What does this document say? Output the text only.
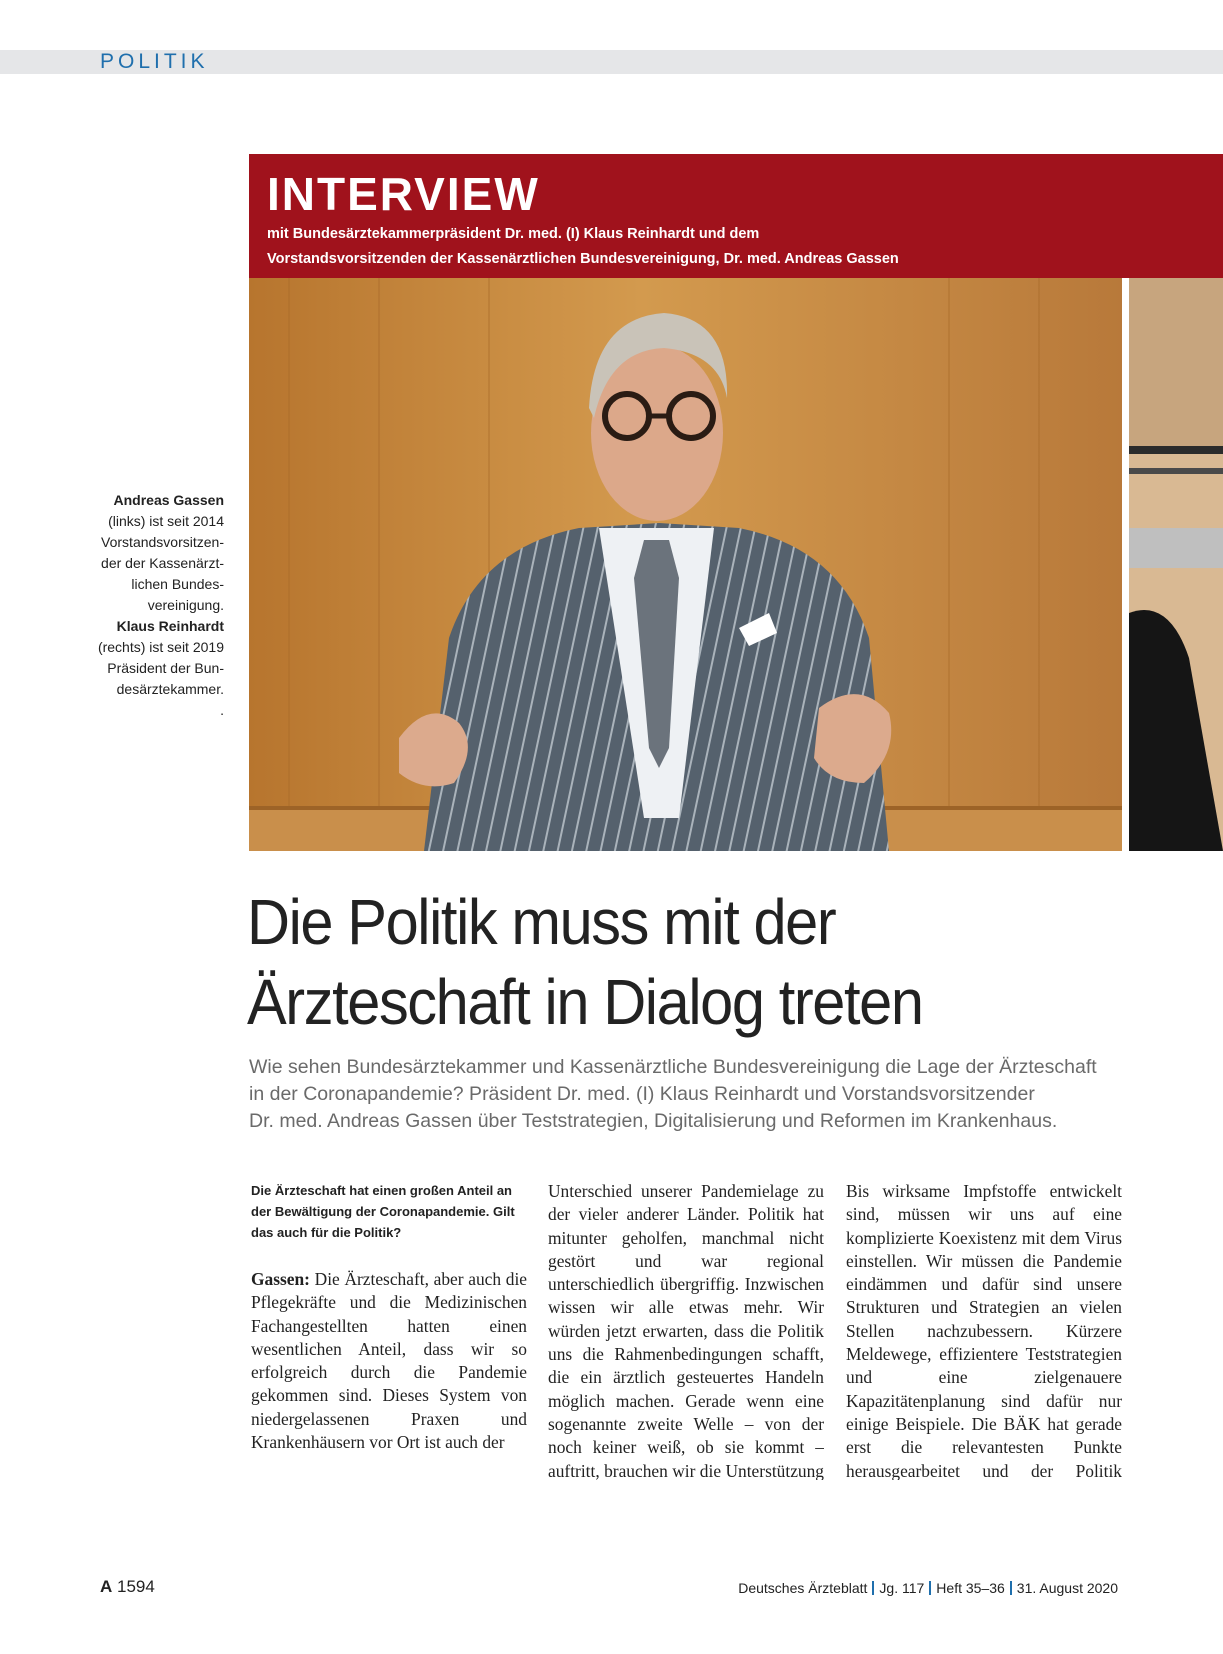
POLITIK
INTERVIEW
mit Bundesärztekammerpräsident Dr. med. (I) Klaus Reinhardt und dem
Vorstandsvorsitzenden der Kassenärztlichen Bundesvereinigung, Dr. med. Andreas Gassen
Andreas Gassen
(links) ist seit 2014
Vorstandsvorsitzen-
der der Kassenärzt-
lichen Bundes-
vereinigung.
Klaus Reinhardt
(rechts) ist seit 2019
Präsident der Bun-
desärztekammer.
.
Die Politik muss mit der
Ärzteschaft in Dialog treten
Wie sehen Bundesärztekammer und Kassenärztliche Bundesvereinigung die Lage der Ärzteschaft
in der Coronapandemie? Präsident Dr. med. (I) Klaus Reinhardt und Vorstandsvorsitzender
Dr. med. Andreas Gassen über Teststrategien, Digitalisierung und Reformen im Krankenhaus.
Die Ärzteschaft hat einen großen Anteil an der Bewältigung der Coronapandemie. Gilt das auch für die Politik?

Gassen: Die Ärzteschaft, aber auch die Pflegekräfte und die Medizinischen Fachangestellten hatten einen wesentlichen Anteil, dass wir so erfolgreich durch die Pandemie gekommen sind. Dieses System von niedergelassenen Praxen und Krankenhäusern vor Ort ist auch der

Unterschied unserer Pandemielage zu der vieler anderer Länder. Politik hat mitunter geholfen, manchmal nicht gestört und war regional unterschiedlich übergriffig. Inzwischen wissen wir alle etwas mehr. Wir würden jetzt erwarten, dass die Politik uns die Rahmenbedingungen schafft, die ein ärztlich gesteuertes Handeln möglich machen. Gerade wenn eine sogenannte zweite Welle – von der noch keiner weiß, ob sie kommt – auftritt, brauchen wir die Unterstützung

Bis wirksame Impfstoffe entwickelt sind, müssen wir uns auf eine komplizierte Koexistenz mit dem Virus einstellen. Wir müssen die Pandemie eindämmen und dafür sind unsere Strukturen und Strategien an vielen Stellen nachzubessern. Kürzere Meldewege, effizientere Teststrategien und eine zielgenauere Kapazitätenplanung sind dafür nur einige Beispiele. Die BÄK hat gerade erst die relevantesten Punkte herausgearbeitet und der Politik

A 1594	Deutsches Ärzteblatt Jg. 117 Heft 35–36 31. August 2020
